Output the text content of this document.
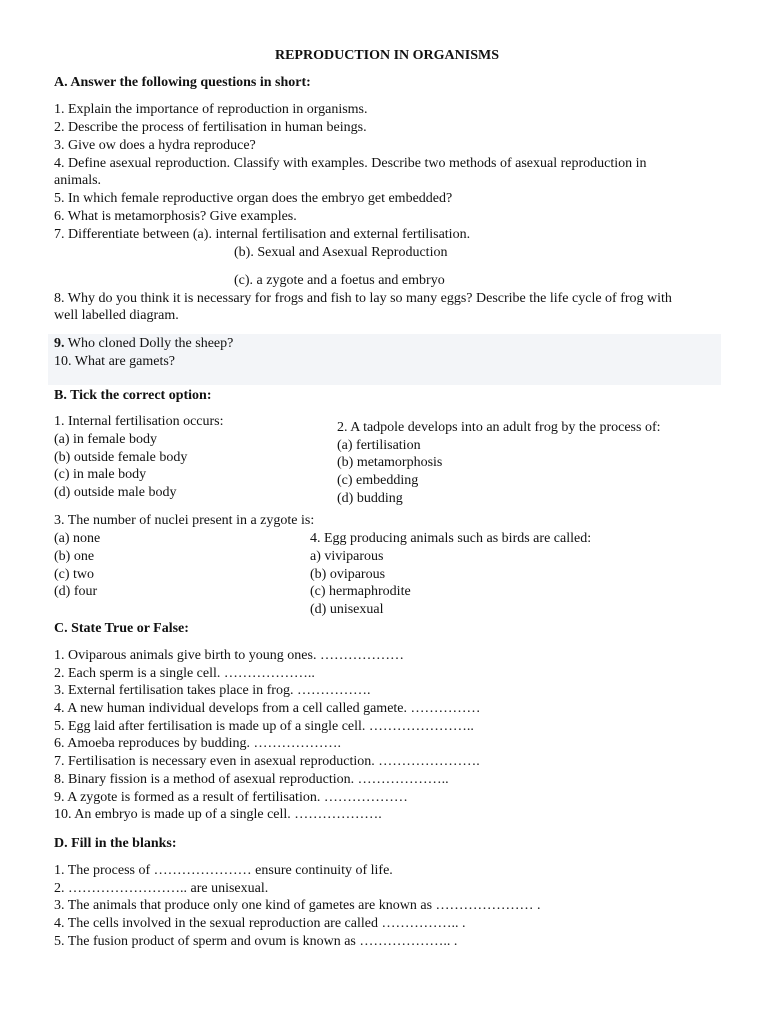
REPRODUCTION IN ORGANISMS
A. Answer the following questions in short:
1. Explain the importance of reproduction in organisms.
2. Describe the process of fertilisation in human beings.
3. Give ow does a hydra reproduce?
4. Define asexual reproduction. Classify with examples. Describe two methods of asexual reproduction in
animals.
5. In which female reproductive organ does the embryo get embedded?
6. What is metamorphosis? Give examples.
7. Differentiate between (a). internal fertilisation and external fertilisation.
(b). Sexual and Asexual Reproduction
(c). a zygote and a foetus and embryo
8. Why do you think it is necessary for frogs and fish to lay so many eggs? Describe the life cycle of frog with
well labelled diagram.
9. Who cloned Dolly the sheep?
10. What are gamets?
B. Tick the correct option:
1. Internal fertilisation occurs:
(a) in female body
(b) outside female body
(c) in male body
(d) outside male body
2. A tadpole develops into an adult frog by the process of:
(a) fertilisation
(b) metamorphosis
(c) embedding
(d) budding
3. The number of nuclei present in a zygote is:
(a) none
(b) one
(c) two
(d) four
4. Egg producing animals such as birds are called:
a) viviparous
(b) oviparous
(c) hermaphrodite
(d) unisexual
C. State True or False:
1. Oviparous animals give birth to young ones. ………………
2. Each sperm is a single cell. ………………..
3. External fertilisation takes place in frog. …………….
4. A new human individual develops from a cell called gamete. ……………
5. Egg laid after fertilisation is made up of a single cell. …………………..
6. Amoeba reproduces by budding. ……………….
7. Fertilisation is necessary even in asexual reproduction. ………………….
8. Binary fission is a method of asexual reproduction. ………………..
9. A zygote is formed as a result of fertilisation. ………………
10. An embryo is made up of a single cell. ……………….
D. Fill in the blanks:
1. The process of ………………… ensure continuity of life.
2. …………………….. are unisexual.
3. The animals that produce only one kind of gametes are known as ………………… .
4. The cells involved in the sexual reproduction are called …………….. .
5. The fusion product of sperm and ovum is known as ……………….. .
